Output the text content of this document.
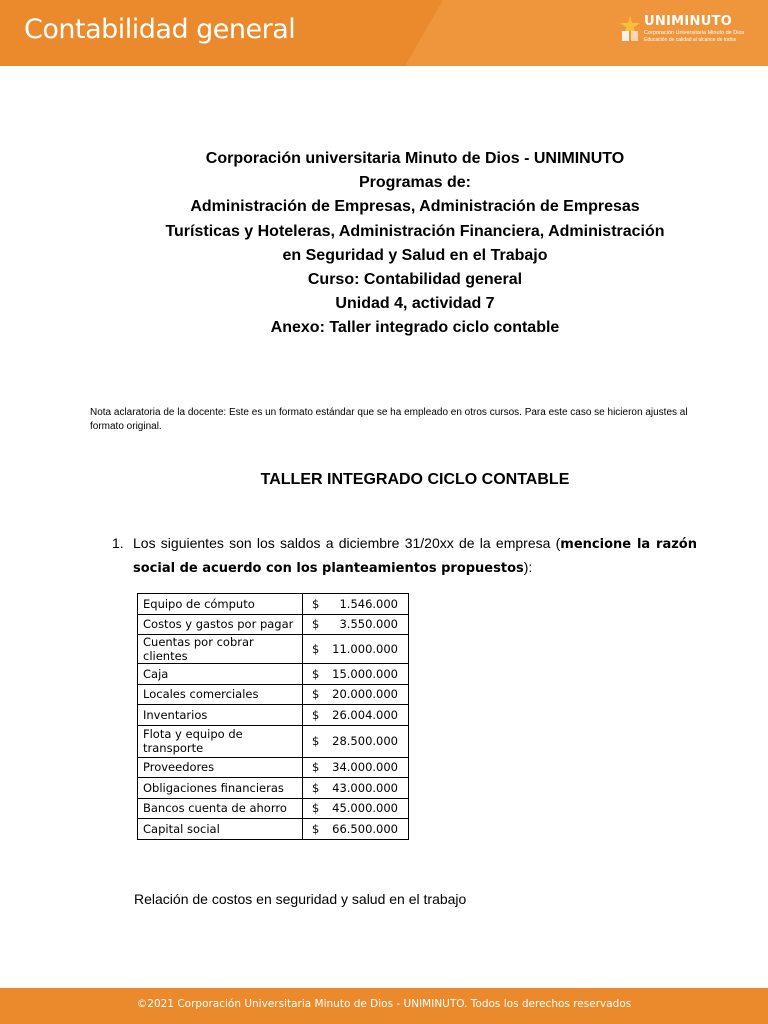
Contabilidad general	UNIMINUTO
Corporación Universitaria Minuto de Dios
Educación de calidad al alcance de todos
Corporación universitaria Minuto de Dios - UNIMINUTO
Programas de:
Administración de Empresas, Administración de Empresas
Turísticas y Hoteleras, Administración Financiera, Administración
en Seguridad y Salud en el Trabajo
Curso: Contabilidad general
Unidad 4, actividad 7
Anexo: Taller integrado ciclo contable
Nota aclaratoria de la docente: Este es un formato estándar que se ha empleado en otros cursos. Para este caso se hicieron ajustes al formato original.
TALLER INTEGRADO CICLO CONTABLE
1. Los siguientes son los saldos a diciembre 31/20xx de la empresa (mencione la razón social de acuerdo con los planteamientos propuestos):
Equipo de cómputo	$ 1.546.000
Costos y gastos por pagar	$ 3.550.000
Cuentas por cobrar clientes	$ 11.000.000
Caja	$ 15.000.000
Locales comerciales	$ 20.000.000
Inventarios	$ 26.004.000
Flota y equipo de transporte	$ 28.500.000
Proveedores	$ 34.000.000
Obligaciones financieras	$ 43.000.000
Bancos cuenta de ahorro	$ 45.000.000
Capital social	$ 66.500.000
Relación de costos en seguridad y salud en el trabajo
©2021 Corporación Universitaria Minuto de Dios - UNIMINUTO. Todos los derechos reservados
